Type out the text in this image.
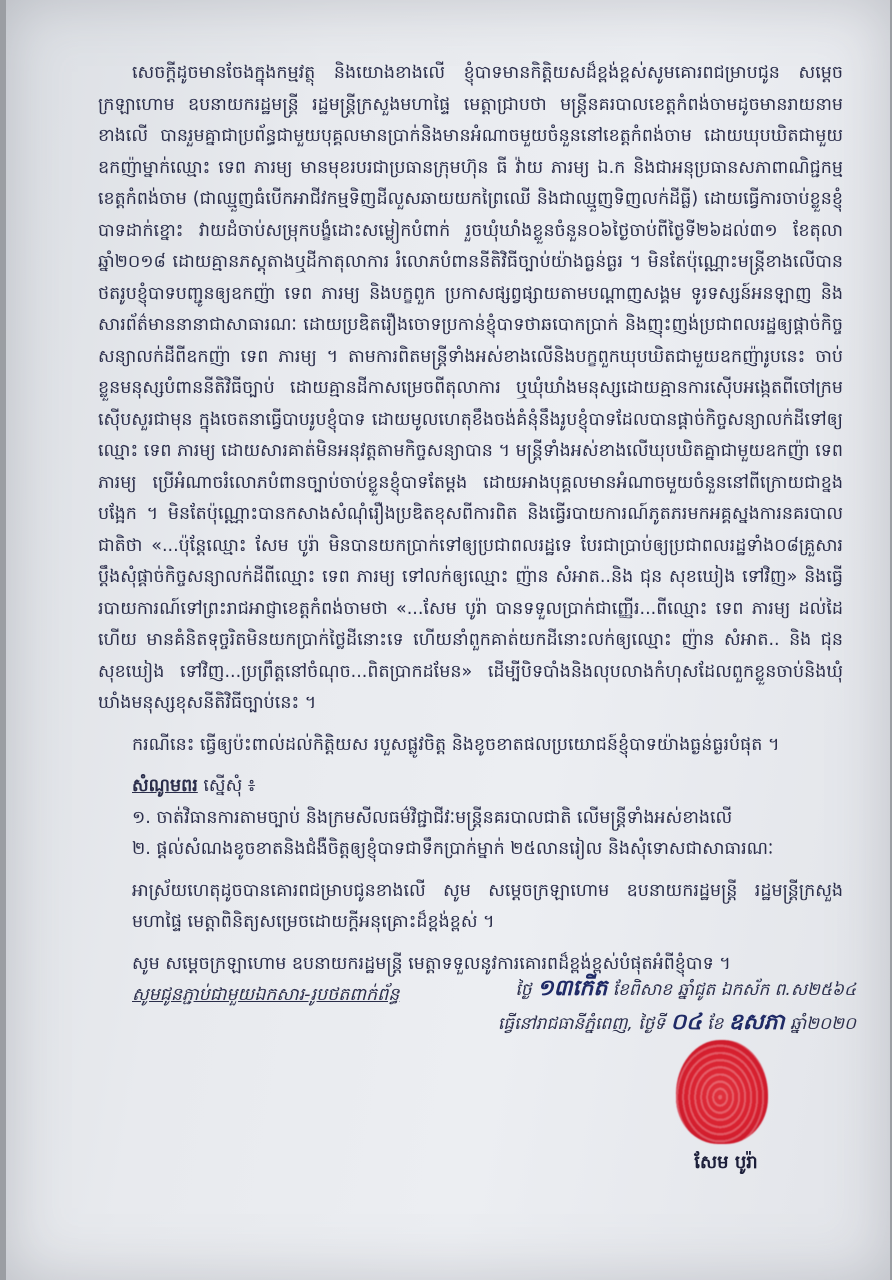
សេចក្ដីដូចមានចែងក្នុងកម្មវត្ថុ និងយោងខាងលើ ខ្ញុំបាទមានកិត្តិយសដ៏ខ្ពង់ខ្ពស់សូមគោរពជម្រាបជូន សម្ដេចក្រឡាហោម ឧបនាយករដ្ឋមន្ត្រី រដ្ឋមន្ត្រីក្រសួងមហាផ្ទៃ មេត្តាជ្រាបថា មន្ត្រីនគរបាលខេត្តកំពង់ចាមដូចមានរាយនាមខាងលើ បានរួមគ្នាជាប្រព័ន្ធជាមួយបុគ្គលមានប្រាក់និងមានអំណាចមួយចំនួននៅខេត្តកំពង់ចាម ដោយឃុបឃិតជាមួយឧកញ៉ាម្នាក់ឈ្មោះ ទេព ភារម្យ មានមុខរបរជាប្រធានក្រុមហ៊ុន ធី វ៉ាយ ភារម្យ ឯ.ក និងជាអនុប្រធានសភាពាណិជ្ជកម្មខេត្តកំពង់ចាម (ជាឈ្មួញធំបើកអាជីវកម្មទិញដីលួសឆាយយកព្រៃឈើ និងជាឈ្មួញទិញលក់ដីធ្លី) ដោយធ្វើការចាប់ខ្លួនខ្ញុំបាទដាក់ខ្នោះ វាយដំចាប់សម្រុកបង្ខំដោះសម្លៀកបំពាក់ រួចឃុំឃាំងខ្លួនចំនួន០៦ថ្ងៃចាប់ពីថ្ងៃទី២៦ដល់៣១ ខែតុលាឆ្នាំ២០១៨ ដោយគ្មានភស្តុតាងឬដីកាតុលាការ រំលោភបំពាននីតិវិធីច្បាប់យ៉ាងធ្ងន់ធ្ងរ ។ មិនតែប៉ុណ្ណោះមន្ត្រីខាងលើបានថតរូបខ្ញុំបាទបញ្ជូនឲ្យឧកញ៉ា ទេព ភារម្យ និងបក្ខពួក ប្រកាសផ្សព្វផ្សាយតាមបណ្ដាញសង្គម ទូរទស្សន៍អនឡាញ និងសារព័ត៌មាននានាជាសាធារណៈ ដោយប្រឌិតរឿងចោទប្រកាន់ខ្ញុំបាទថាឆបោកប្រាក់ និងញុះញង់ប្រជាពលរដ្ឋឲ្យផ្ដាច់កិច្ចសន្យាលក់ដីពីឧកញ៉ា ទេព ភារម្យ ។ តាមការពិតមន្ត្រីទាំងអស់ខាងលើនិងបក្ខពួកឃុបឃិតជាមួយឧកញ៉ារូបនេះ ចាប់ខ្លួនមនុស្សបំពាននីតិវិធីច្បាប់ ដោយគ្មានដីកាសម្រេចពីតុលាការ ឬឃុំឃាំងមនុស្សដោយគ្មានការស៊ើបអង្កេតពីចៅក្រមស៊ើបសួរជាមុន ក្នុងចេតនាធ្វើបាបរូបខ្ញុំបាទ ដោយមូលហេតុខឹងចង់គំនុំនឹងរូបខ្ញុំបាទដែលបានផ្ដាច់កិច្ចសន្យាលក់ដីទៅឲ្យឈ្មោះ ទេព ភារម្យ ដោយសារគាត់មិនអនុវត្តតាមកិច្ចសន្យាបាន ។ មន្ត្រីទាំងអស់ខាងលើឃុបឃិតគ្នាជាមួយឧកញ៉ា ទេព ភារម្យ ប្រើអំណាចរំលោភបំពានច្បាប់ចាប់ខ្លួនខ្ញុំបាទតែម្ដង ដោយអាងបុគ្គលមានអំណាចមួយចំនួននៅពីក្រោយជាខ្នងបង្អែក ។ មិនតែប៉ុណ្ណោះបានកសាងសំណុំរឿងប្រឌិតខុសពីការពិត និងធ្វើរបាយការណ៍ភូតភរមកអគ្គស្នងការនគរបាលជាតិថា «...ប៉ុន្តែឈ្មោះ សែម បូរ៉ា មិនបានយកប្រាក់ទៅឲ្យប្រជាពលរដ្ឋទេ បែរជាប្រាប់ឲ្យប្រជាពលរដ្ឋទាំង០៨គ្រួសារប្ដឹងសុំផ្ដាច់កិច្ចសន្យាលក់ដីពីឈ្មោះ ទេព ភារម្យ ទៅលក់ឲ្យឈ្មោះ ញ៉ាន សំអាត..និង ជុន សុខឃៀង ទៅវិញ» និងធ្វើរបាយការណ៍ទៅព្រះរាជអាជ្ញាខេត្តកំពង់ចាមថា «...សែម បូរ៉ា បានទទួលប្រាក់ជាញ្ញើរ...ពីឈ្មោះ ទេព ភារម្យ ដល់ដៃហើយ មានគំនិតទុច្ចរិតមិនយកប្រាក់ថ្លៃដីនោះទេ ហើយនាំពួកគាត់យកដីនោះលក់ឲ្យឈ្មោះ ញ៉ាន សំអាត.. និង ជុន សុខឃៀង ទៅវិញ...ប្រព្រឹត្តនៅចំណុច...ពិតប្រាកដមែន» ដើម្បីបិទបាំងនិងលុបលាងកំហុសដែលពួកខ្លួនចាប់និងឃុំឃាំងមនុស្សខុសនីតិវិធីច្បាប់នេះ ។

ករណីនេះ ធ្វើឲ្យប៉ះពាល់ដល់កិត្តិយស របួសផ្លូវចិត្ត និងខូចខាតផលប្រយោជន៍ខ្ញុំបាទយ៉ាងធ្ងន់ធ្ងរបំផុត ។

សំណូមពរ ស្នើសុំ ៖

១. ចាត់វិធានការតាមច្បាប់ និងក្រមសីលធម៌វិជ្ជាជីវៈមន្ត្រីនគរបាលជាតិ លើមន្ត្រីទាំងអស់ខាងលើ

២. ផ្ដល់សំណងខូចខាតនិងជំងឺចិត្តឲ្យខ្ញុំបាទជាទឹកប្រាក់ម្នាក់ ២៥លានរៀល និងសុំទោសជាសាធារណៈ

អាស្រ័យហេតុដូចបានគោរពជម្រាបជូនខាងលើ សូម សម្ដេចក្រឡាហោម ឧបនាយករដ្ឋមន្ត្រី រដ្ឋមន្ត្រីក្រសួងមហាផ្ទៃ មេត្តាពិនិត្យសម្រេចដោយក្ដីអនុគ្រោះដ៏ខ្ពង់ខ្ពស់ ។

សូម សម្ដេចក្រឡាហោម ឧបនាយករដ្ឋមន្ត្រី មេត្តាទទួលនូវការគោរពដ៏ខ្ពង់ខ្ពស់បំផុតអំពីខ្ញុំបាទ ។

សូមជូនភ្ជាប់ជាមួយឯកសារ-រូបថតពាក់ព័ន្ធ	ថ្ងៃ ១៣កើត ខែពិសាខ ឆ្នាំជូត ឯកស័ក ព.ស២៥៦៤
ធ្វើនៅរាជធានីភ្នំពេញ, ថ្ងៃទី ០៤ ខែ ឧសភា ឆ្នាំ២០២០
សែម បូរ៉ា
